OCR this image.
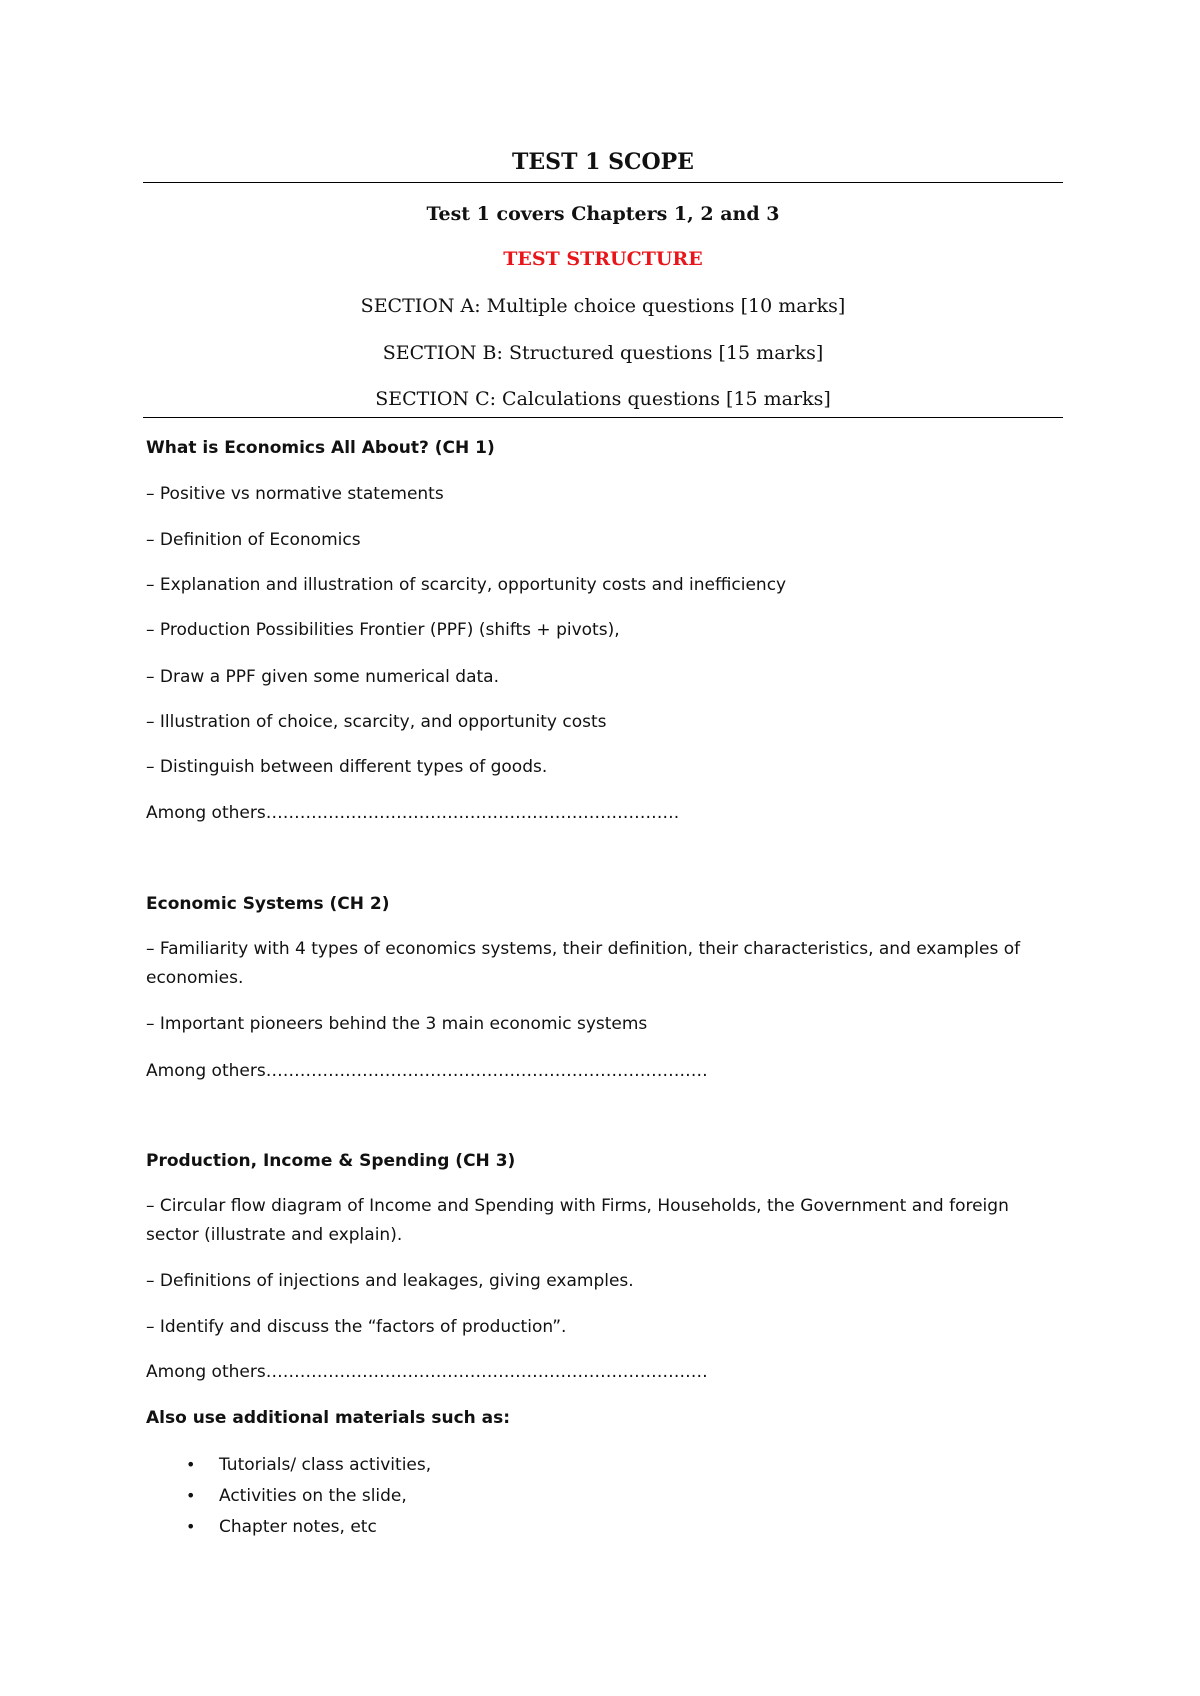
TEST 1 SCOPE

Test 1 covers Chapters 1, 2 and 3

TEST STRUCTURE

SECTION A: Multiple choice questions [10 marks]

SECTION B: Structured questions [15 marks]

SECTION C: Calculations questions [15 marks]

What is Economics All About? (CH 1)

– Positive vs normative statements

– Definition of Economics

– Explanation and illustration of scarcity, opportunity costs and inefficiency

– Production Possibilities Frontier (PPF) (shifts + pivots),

– Draw a PPF given some numerical data.

– Illustration of choice, scarcity, and opportunity costs

– Distinguish between different types of goods.

Among others……………………………………………………………….

Economic Systems (CH 2)

– Familiarity with 4 types of economics systems, their definition, their characteristics, and examples of economies.

– Important pioneers behind the 3 main economic systems

Among others……………………………………………………………………

Production, Income & Spending (CH 3)

– Circular flow diagram of Income and Spending with Firms, Households, the Government and foreign sector (illustrate and explain).

– Definitions of injections and leakages, giving examples.

– Identify and discuss the “factors of production”.

Among others……………………………………………………………………

Also use additional materials such as:

• Tutorials/ class activities,

• Activities on the slide,

• Chapter notes, etc
